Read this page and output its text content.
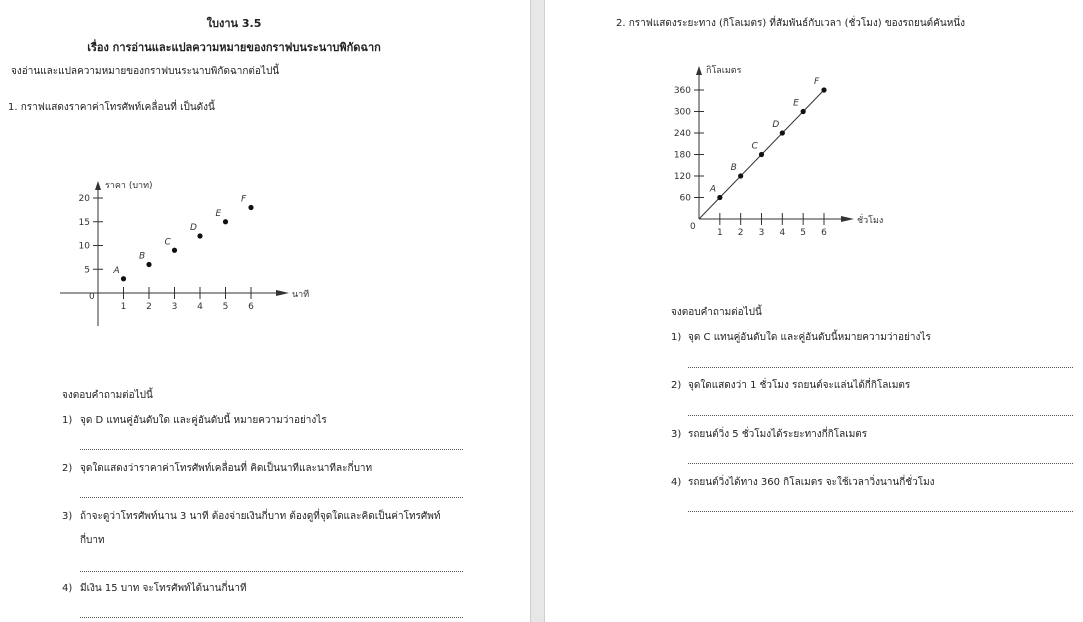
ใบงาน 3.5
เรื่อง การอ่านและแปลความหมายของกราฟบนระนาบพิกัดฉาก
จงอ่านและแปลความหมายของกราฟบนระนาบพิกัดฉากต่อไปนี้
1. กราฟแสดงราคาค่าโทรศัพท์เคลื่อนที่ เป็นดังนี้
ราคา (บาท)
นาที
0
5
10
15
20
1 2 3 4 5 6
A
B
C
D
E
F
จงตอบคำถามต่อไปนี้
1) จุด D แทนคู่อันดับใด และคู่อันดับนี้ หมายความว่าอย่างไร
2) จุดใดแสดงว่าราคาค่าโทรศัพท์เคลื่อนที่ คิดเป็นนาทีและนาทีละกี่บาท
3) ถ้าจะดูว่าโทรศัพท์นาน 3 นาที ต้องจ่ายเงินกี่บาท ต้องดูที่จุดใดและคิดเป็นค่าโทรศัพท์
กี่บาท
4) มีเงิน 15 บาท จะโทรศัพท์ได้นานกี่นาที
2. กราฟแสดงระยะทาง (กิโลเมตร) ที่สัมพันธ์กับเวลา (ชั่วโมง) ของรถยนต์คันหนึ่ง
กิโลเมตร
ชั่วโมง
0
60
120
180
240
300
360
1 2 3 4 5 6
A
B
C
D
E
F
จงตอบคำถามต่อไปนี้
1) จุด C แทนคู่อันดับใด และคู่อันดับนี้หมายความว่าอย่างไร
2) จุดใดแสดงว่า 1 ชั่วโมง รถยนต์จะแล่นได้กี่กิโลเมตร
3) รถยนต์วิ่ง 5 ชั่วโมงได้ระยะทางกี่กิโลเมตร
4) รถยนต์วิ่งได้ทาง 360 กิโลเมตร จะใช้เวลาวิ่งนานกี่ชั่วโมง
